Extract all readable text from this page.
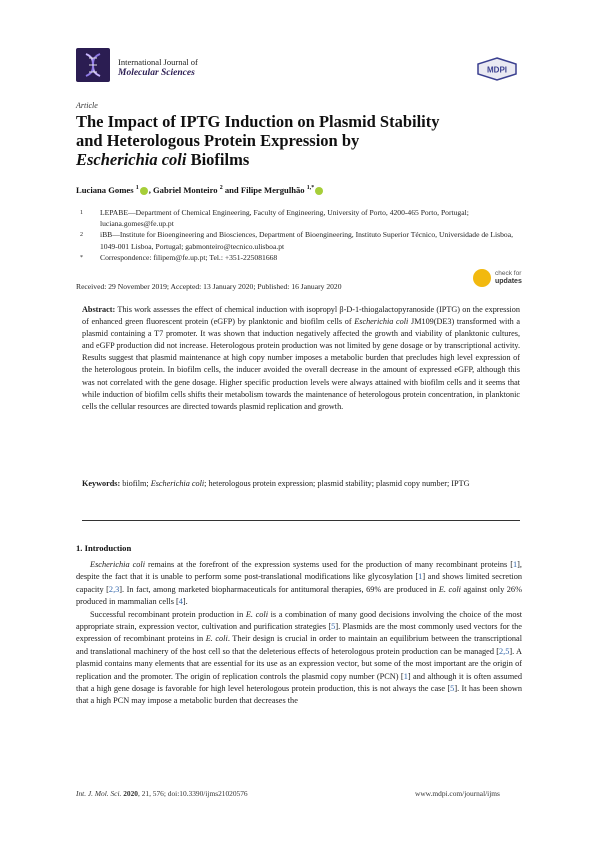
International Journal of
Molecular Sciences	MDPI
Article
The Impact of IPTG Induction on Plasmid Stability
and Heterologous Protein Expression by
Escherichia coli Biofilms
Luciana Gomes $^1$ , Gabriel Monteiro $^2$ and Filipe Mergulhão $^{1,*}$
1	LEPABE—Department of Chemical Engineering, Faculty of Engineering, University of Porto, 4200-465 Porto, Portugal; luciana.gomes@fe.up.pt
2	iBB—Institute for Bioengineering and Biosciences, Department of Bioengineering, Instituto Superior Técnico, Universidade de Lisboa, 1049-001 Lisboa, Portugal; gabmonteiro@tecnico.ulisboa.pt
*	Correspondence: filipem@fe.up.pt; Tel.: +351-225081668
Received: 29 November 2019; Accepted: 13 January 2020; Published: 16 January 2020
check for
updates
Abstract: This work assesses the effect of chemical induction with isopropyl β-D-1-thiogalactopyranoside (IPTG) on the expression of enhanced green fluorescent protein (eGFP) by planktonic and biofilm cells of Escherichia coli JM109(DE3) transformed with a plasmid containing a T7 promoter. It was shown that induction negatively affected the growth and viability of planktonic cultures, and eGFP production did not increase. Heterologous protein production was not limited by gene dosage or by transcriptional activity. Results suggest that plasmid maintenance at high copy number imposes a metabolic burden that precludes high level expression of the heterologous protein. In biofilm cells, the inducer avoided the overall decrease in the amount of expressed eGFP, although this was not correlated with the gene dosage. Higher specific production levels were always attained with biofilm cells and it seems that while induction of biofilm cells shifts their metabolism towards the maintenance of heterologous protein concentration, in planktonic cells the cellular resources are directed towards plasmid replication and growth.
Keywords: biofilm; Escherichia coli; heterologous protein expression; plasmid stability; plasmid copy number; IPTG
1. Introduction

Escherichia coli remains at the forefront of the expression systems used for the production of many recombinant proteins [1], despite the fact that it is unable to perform some post-translational modifications like glycosylation [1] and shows limited secretion capacity [2,3]. In fact, among marketed biopharmaceuticals for antitumoral therapies, 69% are produced in E. coli against only 26% produced in mammalian cells [4].

Successful recombinant protein production in E. coli is a combination of many good decisions involving the choice of the most appropriate strain, expression vector, cultivation and purification strategies [5]. Plasmids are the most commonly used vectors for the expression of recombinant proteins in E. coli. Their design is crucial in order to maintain an equilibrium between the transcriptional and translational machinery of the host cell so that the deleterious effects of heterologous protein production can be managed [2,5]. A plasmid contains many elements that are essential for its use as an expression vector, but some of the most important are the origin of replication and the promoter. The origin of replication controls the plasmid copy number (PCN) [1] and although it is often assumed that a high gene dosage is favorable for high level heterologous protein production, this is not always the case [5]. It has been shown that a high PCN may impose a metabolic burden that decreases the

Int. J. Mol. Sci. 2020, 21, 576; doi:10.3390/ijms21020576	www.mdpi.com/journal/ijms
